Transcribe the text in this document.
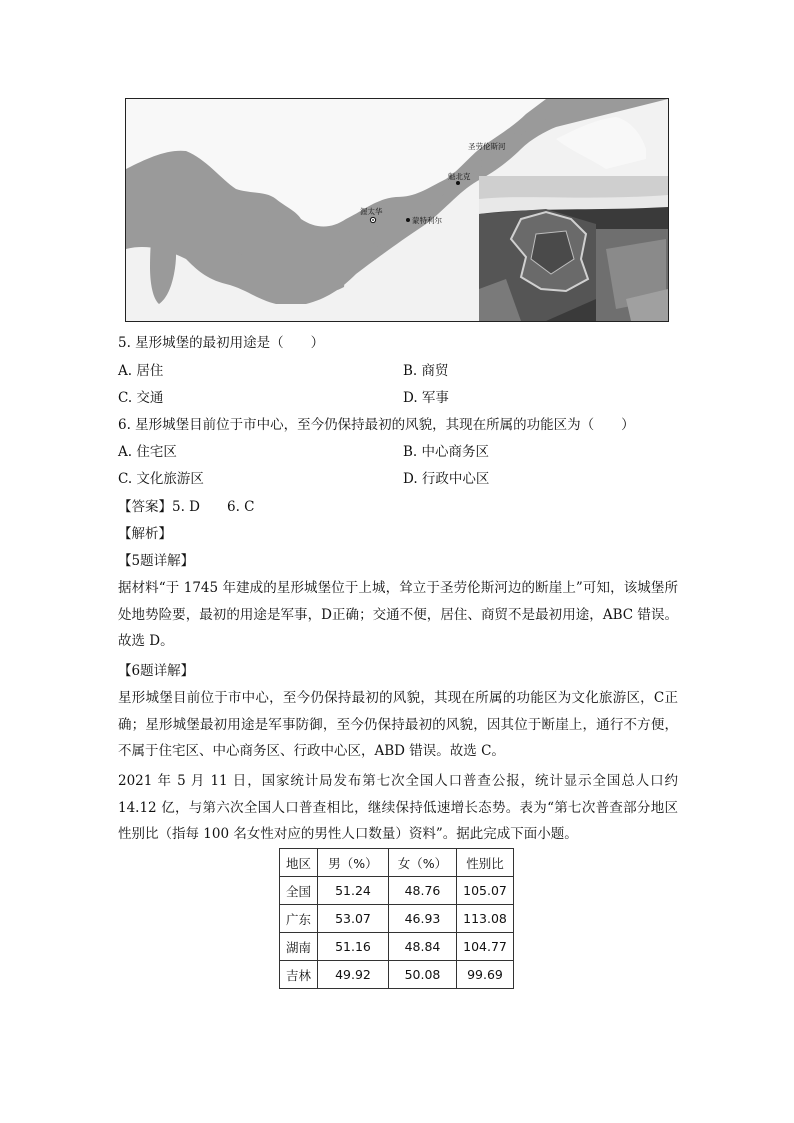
渥太华
蒙特利尔
魁北克
圣劳伦斯河
5. 星形城堡的最初用途是（　　）
A. 居住	B. 商贸
C. 交通	D. 军事
6. 星形城堡目前位于市中心，至今仍保持最初的风貌，其现在所属的功能区为（　　）
A. 住宅区	B. 中心商务区
C. 文化旅游区	D. 行政中心区
【答案】5. D　　6. C
【解析】
【5题详解】
据材料“于 1745 年建成的星形城堡位于上城，耸立于圣劳伦斯河边的断崖上”可知，该城堡所处地势险要，最初的用途是军事，D正确；交通不便，居住、商贸不是最初用途，ABC 错误。故选 D。
【6题详解】
星形城堡目前位于市中心，至今仍保持最初的风貌，其现在所属的功能区为文化旅游区，C正确；星形城堡最初用途是军事防御，至今仍保持最初的风貌，因其位于断崖上，通行不方便，不属于住宅区、中心商务区、行政中心区，ABD 错误。故选 C。
2021 年 5 月 11 日，国家统计局发布第七次全国人口普查公报，统计显示全国总人口约 14.12 亿，与第六次全国人口普查相比，继续保持低速增长态势。表为“第七次普查部分地区性别比（指每 100 名女性对应的男性人口数量）资料”。据此完成下面小题。
地区	男（%）	女（%）	性别比
全国	51.24	48.76	105.07
广东	53.07	46.93	113.08
湖南	51.16	48.84	104.77
吉林	49.92	50.08	99.69
